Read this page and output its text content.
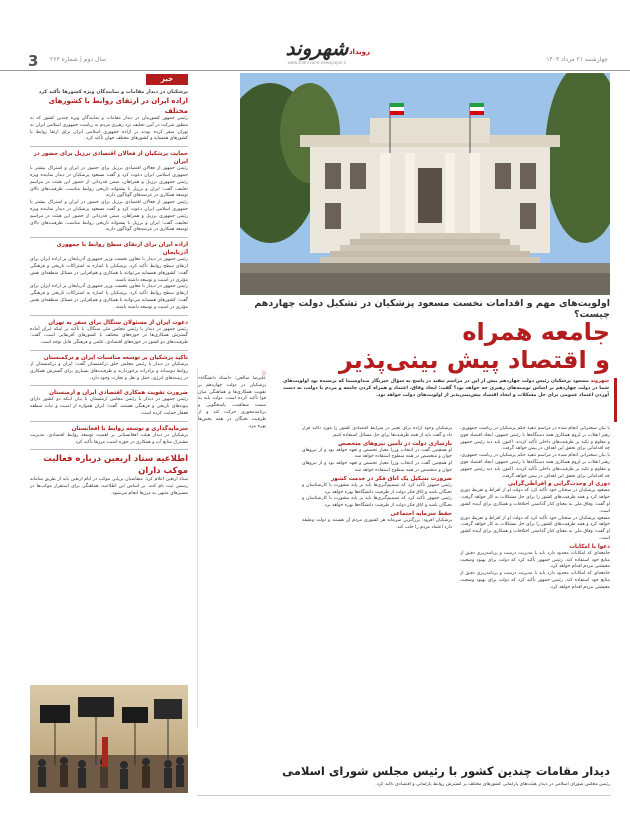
3 سال دوم | شماره ۲۶۳	چهارشنبه ۲۱ مرداد ۱۴۰۳
شهروند رویداد
www.shahrvand-newspaper.ir
خبر
پزشکیان در دیدار مقامات و نمایندگان ویژه کشورها تأکید کرد
اراده ایران در ارتقای روابط با کشورهای مختلف
رئیس جمهور کشورمان در دیدار مقامات و نمایندگان ویژه چندین کشور که به منظور شرکت در آیین تحلیف نزد رهبری مردم به ریاست جمهوری اسلامی ایران به تهران سفر کرده بودند بر اراده جمهوری اسلامی ایران برای ارتقا روابط با کشورهای همسایه و کشورهای مختلف جهان تأکید کرد.
حمایت پزشکیان از فعالان اقتصادی برزیل برای حضور در ایران
رئیس جمهور از فعالان اقتصادی برزیل برای حضور در ایران و اشتراک بیشتر با جمهوری اسلامی ایران دعوت کرد و گفت مسعود پزشکیان در دیدار نماینده ویژه رئیس جمهوری برزیل و همراهان، ضمن قدردانی از حضور این هیئت در مراسم تحلیف، گفت: ایران و برزیل با پشتوانه تاریخی روابط مناسب، ظرفیت‌های بالای توسعه همکاری در عرصه‌های گوناگون دارند.
رئیس جمهور از فعالان اقتصادی برزیل برای حضور در ایران و اشتراک بیشتر با جمهوری اسلامی ایران دعوت کرد و گفت مسعود پزشکیان در دیدار نماینده ویژه رئیس جمهوری برزیل و همراهان، ضمن قدردانی از حضور این هیئت در مراسم تحلیف، گفت: ایران و برزیل با پشتوانه تاریخی روابط مناسب، ظرفیت‌های بالای توسعه همکاری در عرصه‌های گوناگون دارند.
اراده ایران برای ارتقای سطح روابط با جمهوری آذربایجان
رئیس جمهور در دیدار با معاون نخست وزیر جمهوری آذربایجان بر اراده ایران برای ارتقای سطح روابط تأکید کرد. پزشکیان با اشاره به اشتراکات تاریخی و فرهنگی گفت: کشورهای همسایه می‌توانند با همکاری و هم‌افزایی در مسائل منطقه‌ای نقش مؤثری در امنیت و توسعه داشته باشند.
رئیس جمهور در دیدار با معاون نخست وزیر جمهوری آذربایجان بر اراده ایران برای ارتقای سطح روابط تأکید کرد. پزشکیان با اشاره به اشتراکات تاریخی و فرهنگی گفت: کشورهای همسایه می‌توانند با همکاری و هم‌افزایی در مسائل منطقه‌ای نقش مؤثری در امنیت و توسعه داشته باشند.
دعوت ایران از مسئولان سنگال برای سفر به تهران
رئیس جمهور در دیدار با رئیس مجلس ملی سنگال، با تأکید بر اینکه ایران آماده گسترش همکاری‌ها در حوزه‌های مختلف با کشورهای آفریقایی است، گفت: ظرفیت‌های دو کشور در حوزه‌های اقتصادی، علمی و فرهنگی قابل توجه است.
تاکید پزشکیان بر توسعه مناسبات ایران و ترکمنستان
پزشکیان در دیدار با رئیس مجلس خلق ترکمنستان گفت: ایران و ترکمنستان از روابط دوستانه و برادرانه برخوردارند و ظرفیت‌های بسیاری برای گسترش همکاری در زمینه‌های انرژی، حمل و نقل و تجارت وجود دارد.
ضرورت تقویت همکاری اقتصادی ایران و ارمنستان
رئیس جمهور در دیدار با رئیس مجلس ارمنستان با بیان اینکه دو کشور دارای پیوندهای تاریخی و فرهنگی هستند، گفت: ایران همواره از امنیت و ثبات منطقه قفقاز حمایت کرده است.
سرمایه‌گذاری و توسعه روابط با افغانستان
پزشکیان در دیدار هیئت افغانستانی بر اهمیت توسعه روابط اقتصادی، مدیریت مشترک منابع آب و همکاری در حوزه امنیت مرزها تأکید کرد.
اطلاعیه ستاد اربعین درباره فعالیت موکب داران
ستاد اربعین اعلام کرد: متقاضیان برپایی موکب در ایام اربعین باید از طریق سامانه رسمی ثبت نام کنند. بر اساس این اطلاعیه، هماهنگی برای استقرار موکب‌ها در مسیرهای منتهی به مرزها انجام می‌شود.
اولویت‌های مهم و اقدامات نخست مسعود پزشکیان در تشکیل دولت چهاردهم چیست؟
جامعه همراه
و اقتصاد پیش بینی‌پذیر
شهروند مسعود پزشکیان رئیس دولت چهاردهم پیش از این در مراسم تنفیذ در پاسخ به سؤال خبرنگار صداوسیما که پرسیده بود اولویت‌های شما در دولت چهاردهم بر اساس توصیه‌های رهبری چه خواهد بود؟ گفت: ایجاد وفاق، اعتماد و همراه کردن جامعه و مردم با دولت، به دست آوردن اعتماد عمومی برای حل مشکلات و ایجاد اقتصاد پیش‌بینی‌پذیر از اولویت‌های دولت خواهد بود.
با بیان سخنرانی انجام شده در مراسم تنفیذ حکم پزشکیان در ریاست جمهوری، رهبر انقلاب بر لزوم همکاری همه دستگاه‌ها با رئیس جمهور، ایجاد اقتصاد قوی و مقاوم و تکیه بر ظرفیت‌های داخلی تأکید کردند. اکنون باید دید رئیس جمهور چه اقداماتی برای تحقق این اهداف در پیش خواهد گرفت.
با بیان سخنرانی انجام شده در مراسم تنفیذ حکم پزشکیان در ریاست جمهوری، رهبر انقلاب بر لزوم همکاری همه دستگاه‌ها با رئیس جمهور، ایجاد اقتصاد قوی و مقاوم و تکیه بر ظرفیت‌های داخلی تأکید کردند. اکنون باید دید رئیس جمهور چه اقداماتی برای تحقق این اهداف در پیش خواهد گرفت.
دوری از وحدت‌گرایی و افراطی‌گرایی
مسعود پزشکیان در سخنان خود تأکید کرد که دولت او از افراط و تفریط دوری خواهد کرد و همه ظرفیت‌های کشور را برای حل مشکلات به کار خواهد گرفت. او گفت: وفاق ملی به معنای کنار گذاشتن اختلافات و همکاری برای آینده کشور است.
مسعود پزشکیان در سخنان خود تأکید کرد که دولت او از افراط و تفریط دوری خواهد کرد و همه ظرفیت‌های کشور را برای حل مشکلات به کار خواهد گرفت. او گفت: وفاق ملی به معنای کنار گذاشتن اختلافات و همکاری برای آینده کشور است.
دعوا با امکانات
جامعه‌ای که امکانات محدود دارد باید با مدیریت درست و برنامه‌ریزی دقیق از منابع خود استفاده کند. رئیس جمهور تأکید کرد که دولت برای بهبود وضعیت معیشتی مردم اقدام خواهد کرد.
جامعه‌ای که امکانات محدود دارد باید با مدیریت درست و برنامه‌ریزی دقیق از منابع خود استفاده کند. رئیس جمهور تأکید کرد که دولت برای بهبود وضعیت معیشتی مردم اقدام خواهد کرد.
پزشکیان وجود اراده برای تغییر در شرایط اقتصادی کشور را مورد تأکید قرار داد و گفت باید از همه ظرفیت‌ها برای حل مسائل استفاده کنیم.
بازسازی دولت در تأمین نیروهای متخصص
او همچنین گفت در انتخاب وزرا معیار تخصص و تعهد خواهد بود و از نیروهای جوان و متخصص در همه سطوح استفاده خواهد شد.
او همچنین گفت در انتخاب وزرا معیار تخصص و تعهد خواهد بود و از نیروهای جوان و متخصص در همه سطوح استفاده خواهد شد.
ضرورت تشکیل یک اتاق فکر در خدمت کشور
رئیس جمهور تأکید کرد که تصمیم‌گیری‌ها باید بر پایه مشورت با کارشناسان و نخبگان باشد و اتاق فکر دولت از ظرفیت دانشگاه‌ها بهره خواهد برد.
رئیس جمهور تأکید کرد که تصمیم‌گیری‌ها باید بر پایه مشورت با کارشناسان و نخبگان باشد و اتاق فکر دولت از ظرفیت دانشگاه‌ها بهره خواهد برد.
حفظ سرمایه اجتماعی
پزشکیان افزود: بزرگترین سرمایه هر کشوری مردم آن هستند و دولت وظیفه دارد اعتماد مردم را جلب کند.
۞
علیرضا صالحی: «استاد دانشگاه» پزشکیان در دولت چهاردهم بر تقویت همکاری‌ها و هماهنگی میان قوا تأکید کرده است. دولت باید به سمت شفافیت، پاسخگویی و برنامه‌محوری حرکت کند و از ظرفیت نخبگان در همه بخش‌ها بهره ببرد.
دیدار مقامات چندین کشور با رئیس مجلس شورای اسلامی
رئیس مجلس شورای اسلامی در دیدار هیئت‌های پارلمانی کشورهای مختلف بر گسترش روابط پارلمانی و اقتصادی تأکید کرد.
